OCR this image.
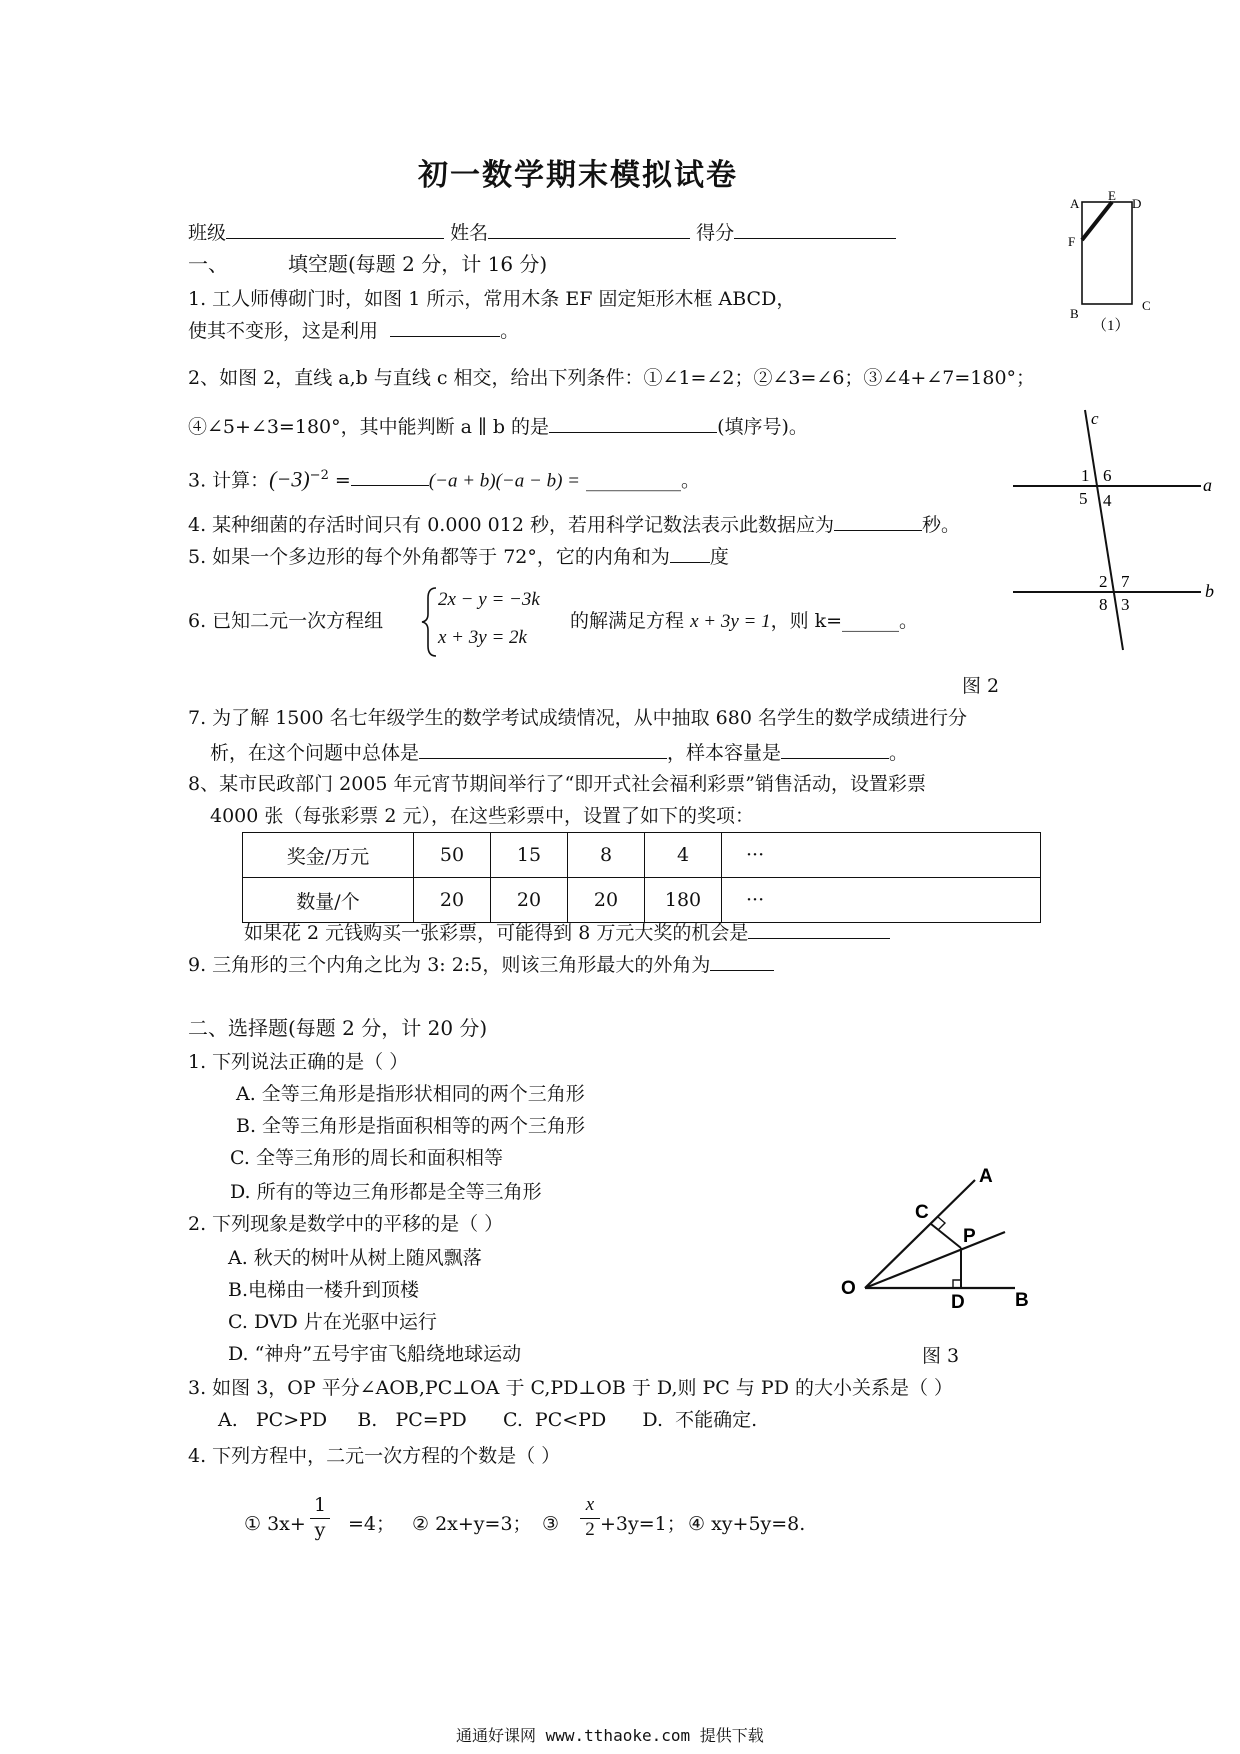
初一数学期末模拟试卷
班级	姓名	得分
一、	填空题(每题 2 分，计 16 分)
1. 工人师傅砌门时，如图 1 所示，常用木条 EF 固定矩形木框 ABCD，
使其不变形，这是利用	。
2、如图 2，直线 a,b 与直线 c 相交，给出下列条件：①∠1=∠2；②∠3=∠6；③∠4+∠7=180°；
④∠5+∠3=180°，其中能判断 a ∥ b 的是	(填序号)。
3. 计算：$(-3)^{-2}$ =	(−a + b)(−a − b) = __________。
4. 某种细菌的存活时间只有 0.000 012 秒，若用科学记数法表示此数据应为	秒。
5. 如果一个多边形的每个外角都等于 72°，它的内角和为 度
6. 已知二元一次方程组
2x − y = −3k
x + 3y = 2k
的解满足方程 x + 3y = 1，则 k=______。
7. 为了解 1500 名七年级学生的数学考试成绩情况，从中抽取 680 名学生的数学成绩进行分
析，在这个问题中总体是	，样本容量是	。
8、某市民政部门 2005 年元宵节期间举行了“即开式社会福利彩票”销售活动，设置彩票
4000 张（每张彩票 2 元），在这些彩票中，设置了如下的奖项：
奖金/万元	50	15	8	4	···
数量/个	20	20	20	180	···
如果花 2 元钱购买一张彩票，可能得到 8 万元大奖的机会是
9. 三角形的三个内角之比为 3: 2:5，则该三角形最大的外角为
二、选择题(每题 2 分，计 20 分)
1. 下列说法正确的是（ ）
A. 全等三角形是指形状相同的两个三角形
B. 全等三角形是指面积相等的两个三角形
C. 全等三角形的周长和面积相等
D. 所有的等边三角形都是全等三角形
2. 下列现象是数学中的平移的是（ ）
A. 秋天的树叶从树上随风飘落
B.电梯由一楼升到顶楼
C. DVD 片在光驱中运行
D. “神舟”五号宇宙飞船绕地球运动
3. 如图 3，OP 平分∠AOB,PC⊥OA 于 C,PD⊥OB 于 D,则 PC 与 PD 的大小关系是（ ）
A.   PC>PD     B.   PC=PD      C.  PC<PD      D.  不能确定.
4. 下列方程中，二元一次方程的个数是（ ）
① $3x+ \frac{1}{y} =4$； ② 2x+y=3； ③ $\frac{x}{2} +3y=1$； ④ xy+5y=8.
A
E
D
F
B
C
（1）
c
a
b
1 6
5 4
2 7
8 3
图 2
A
C
P
O
D	B
图 3
通通好课网 www.tthaoke.com 提供下载
